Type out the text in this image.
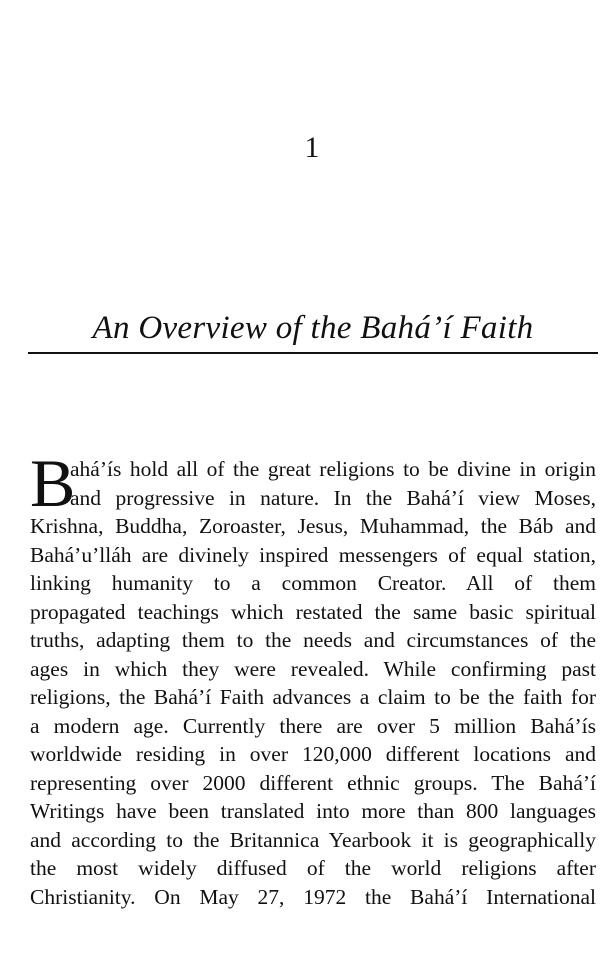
1
An Overview of the Bahá’í Faith
B
ahá’ís hold all of the great religions to be divine in origin
and progressive in nature. In the Bahá’í view Moses,
Krishna, Buddha, Zoroaster, Jesus, Muhammad, the Báb and
Bahá’u’lláh are divinely inspired messengers of equal station,
linking humanity to a common Creator. All of them
propagated teachings which restated the same basic spiritual
truths, adapting them to the needs and circumstances of the
ages in which they were revealed. While confirming past
religions, the Bahá’í Faith advances a claim to be the faith for
a modern age. Currently there are over 5 million Bahá’ís
worldwide residing in over 120,000 different locations and
representing over 2000 different ethnic groups. The Bahá’í
Writings have been translated into more than 800 languages
and according to the Britannica Yearbook it is geographically
the most widely diffused of the world religions after
Christianity. On May 27, 1972 the Bahá’í International
